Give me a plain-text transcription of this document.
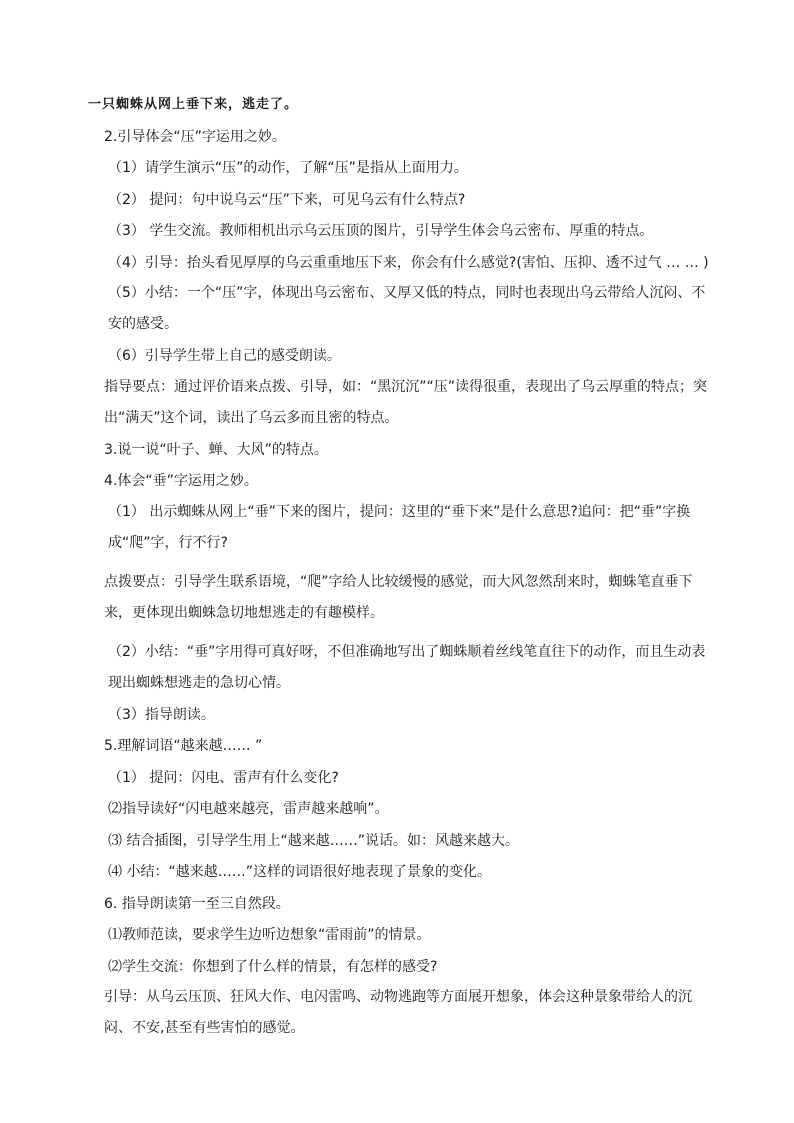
一只蜘蛛从网上垂下来，逃走了。

2.引导体会“压”字运用之妙。

（1）请学生演示“压”的动作，了解“压”是指从上面用力。

（2） 提问：句中说乌云“压”下来，可见乌云有什么特点?

（3） 学生交流。教师相机出示乌云压顶的图片，引导学生体会乌云密布、厚重的特点。

（4）引导：抬头看见厚厚的乌云重重地压下来，你会有什么感觉?(害怕、压抑、透不过气 … … )

（5）小结：一个“压”字，体现出乌云密布、又厚又低的特点，同时也表现出乌云带给人沉闷、不安的感受。

（6）引导学生带上自己的感受朗读。

指导要点：通过评价语来点拨、引导，如：“黑沉沉”“压”读得很重，表现出了乌云厚重的特点；突出“满天”这个词，读出了乌云多而且密的特点。

3.说一说“叶子、蝉、大风”的特点。

4.体会“垂”字运用之妙。

（1） 出示蜘蛛从网上“垂”下来的图片，提问：这里的“垂下来”是什么意思?追问：把“垂”字换成“爬”字，行不行?

点拨要点：引导学生联系语境，“爬”字给人比较缓慢的感觉，而大风忽然刮来时，蜘蛛笔直垂下来，更体现出蜘蛛急切地想逃走的有趣模样。

（2）小结：“垂”字用得可真好呀，不但准确地写出了蜘蛛顺着丝线笔直往下的动作，而且生动表现出蜘蛛想逃走的急切心情。

（3）指导朗读。

5.理解词语“越来越…… ”

（1） 提问：闪电、雷声有什么变化?

⑵指导读好“闪电越来越亮，雷声越来越响”。

⑶ 结合插图，引导学生用上“越来越……”说话。如：风越来越大。

⑷ 小结：“越来越……”这样的词语很好地表现了景象的变化。

6. 指导朗读第一至三自然段。

⑴教师范读，要求学生边听边想象“雷雨前”的情景。

⑵学生交流：你想到了什么样的情景，有怎样的感受?

引导：从乌云压顶、狂风大作、电闪雷鸣、动物逃跑等方面展开想象，体会这种景象带给人的沉闷、不安,甚至有些害怕的感觉。
